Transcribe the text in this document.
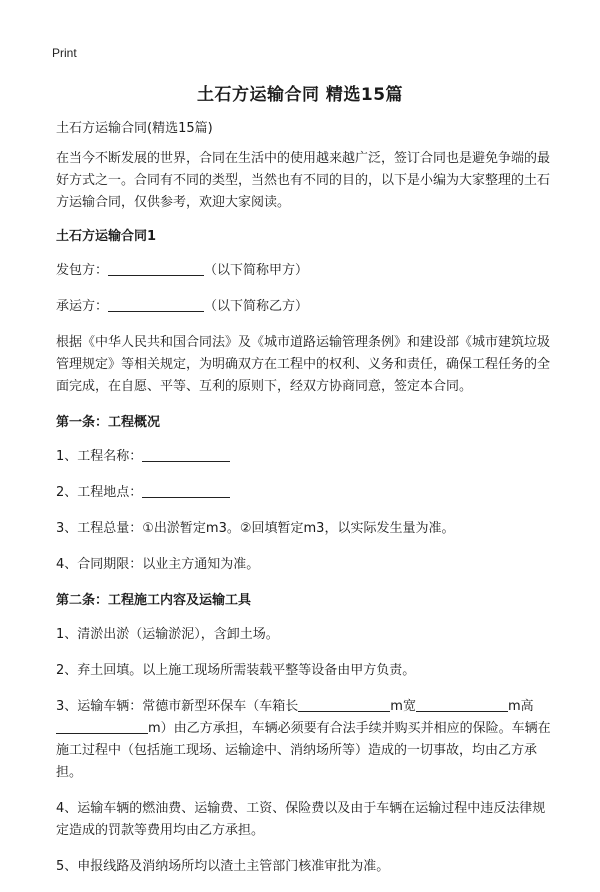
Print
土石方运输合同 精选15篇

土石方运输合同(精选15篇)

在当今不断发展的世界，合同在生活中的使用越来越广泛，签订合同也是避免争端的最好方式之一。合同有不同的类型，当然也有不同的目的，以下是小编为大家整理的土石方运输合同，仅供参考，欢迎大家阅读。

土石方运输合同1

发包方：	（以下简称甲方）

承运方：	（以下简称乙方）

根据《中华人民共和国合同法》及《城市道路运输管理条例》和建设部《城市建筑垃圾管理规定》等相关规定，为明确双方在工程中的权利、义务和责任，确保工程任务的全面完成，在自愿、平等、互利的原则下，经双方协商同意，签定本合同。

第一条：工程概况

1、工程名称：

2、工程地点：

3、工程总量：①出淤暂定m3。②回填暂定m3，以实际发生量为准。

4、合同期限：以业主方通知为准。

第二条：工程施工内容及运输工具

1、清淤出淤（运输淤泥），含卸土场。

2、弃土回填。以上施工现场所需装载平整等设备由甲方负责。

3、运输车辆：常德市新型环保车（车箱长	m宽	m高m）由乙方承担，车辆必须要有合法手续并购买并相应的保险。车辆在施工过程中（包括施工现场、运输途中、消纳场所等）造成的一切事故，均由乙方承担。

4、运输车辆的燃油费、运输费、工资、保险费以及由于车辆在运输过程中违反法律规定造成的罚款等费用均由乙方承担。

5、申报线路及消纳场所均以渣土主管部门核准审批为准。
